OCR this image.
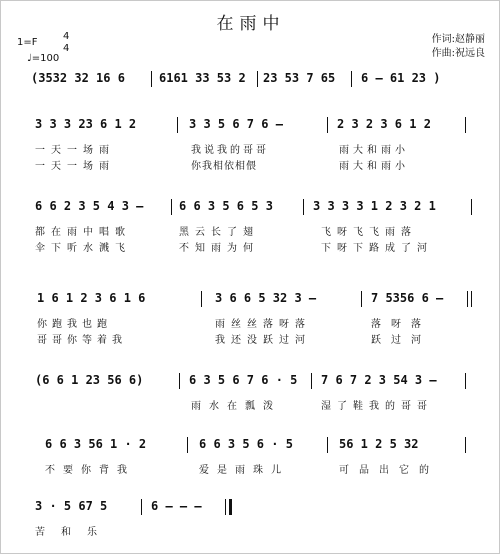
在雨中
1=F
4
4
♩=100
作词:赵静丽
作曲:祝远良
(3532 32 16 6	6161 33 53 2 23 53 7 65 6 – 61 23 )
3 3 3 23 6 1 2	3 3 5 6 7 6 –	2 3 2 3 6 1 2
一天一场雨	我说我的哥哥	雨大和雨小
一天一场雨	你我相依相偎	雨大和雨小
6 6 2 3 5 4 3 –	6 6 3 5 6 5 3	3 3 3 3 1 2 3 2 1
都在雨中唱歌	黑云长了翅	飞呀飞飞雨落
伞下听水溅飞	不知雨为何	下呀下路成了河
1 6 1 2 3 6 1 6	3 6 6 5 32 3 –	7 5356 6 –
你跑我也跑	雨丝丝落呀落	落呀落
哥哥你等着我	我还没跃过河	跃过河
(6 6 1 23 56 6)	6 3 5 6 7 6 · 5 7 6 7 2 3 54 3 –
雨水在瓢泼	湿了鞋我的哥哥
6 6 3 56 1 · 2	6 6 3 5 6 · 5	56 1 2 5 32
不要你背我	爱是雨珠儿	可品出它的
3 · 5 67 5	6 – – –
苦和乐
